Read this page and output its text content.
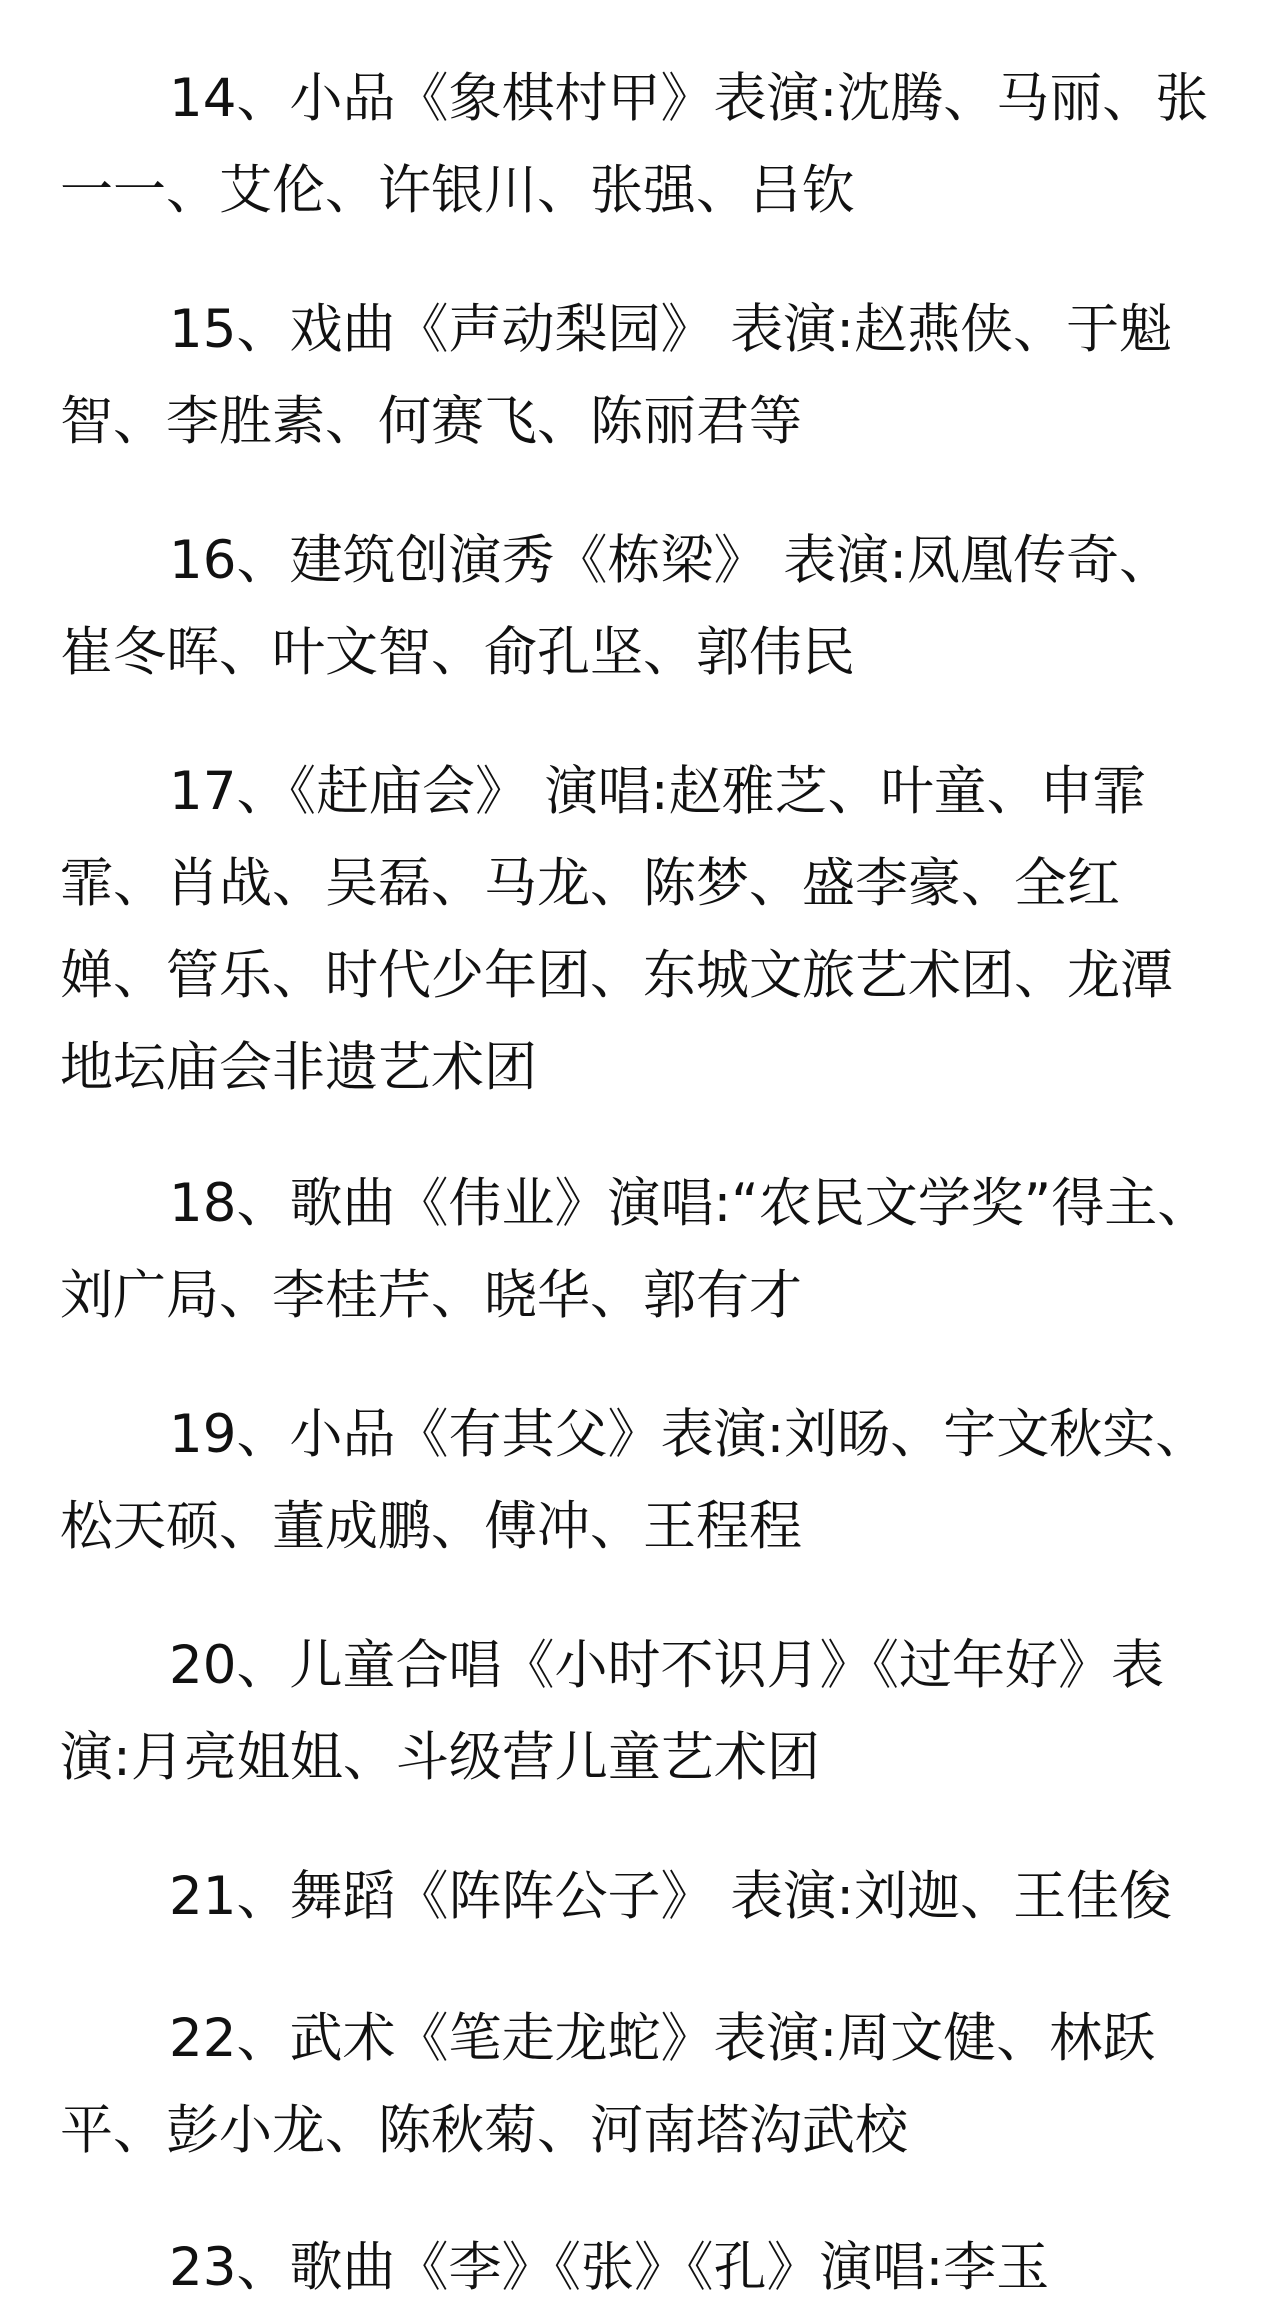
14、小品《象棋村甲》表演:沈腾、马丽、张一一、艾伦、许银川、张强、吕钦

15、戏曲《声动梨园》 表演:赵燕侠、于魁智、李胜素、何赛飞、陈丽君等

16、建筑创演秀《栋梁》 表演:凤凰传奇、崔冬晖、叶文智、俞孔坚、郭伟民

17、《赶庙会》 演唱:赵雅芝、叶童、申霏霏、肖战、吴磊、马龙、陈梦、盛李豪、全红婵、管乐、时代少年团、东城文旅艺术团、龙潭地坛庙会非遗艺术团

18、歌曲《伟业》演唱:“农民文学奖”得主、刘广局、李桂芹、晓华、郭有才

19、小品《有其父》表演:刘旸、宇文秋实、松天硕、董成鹏、傅冲、王程程

20、儿童合唱《小时不识月》《过年好》表演:月亮姐姐、斗级营儿童艺术团

21、舞蹈《阵阵公子》 表演:刘迦、王佳俊

22、武术《笔走龙蛇》表演:周文健、林跃平、彭小龙、陈秋菊、河南塔沟武校

23、歌曲《李》《张》《孔》演唱:李玉
